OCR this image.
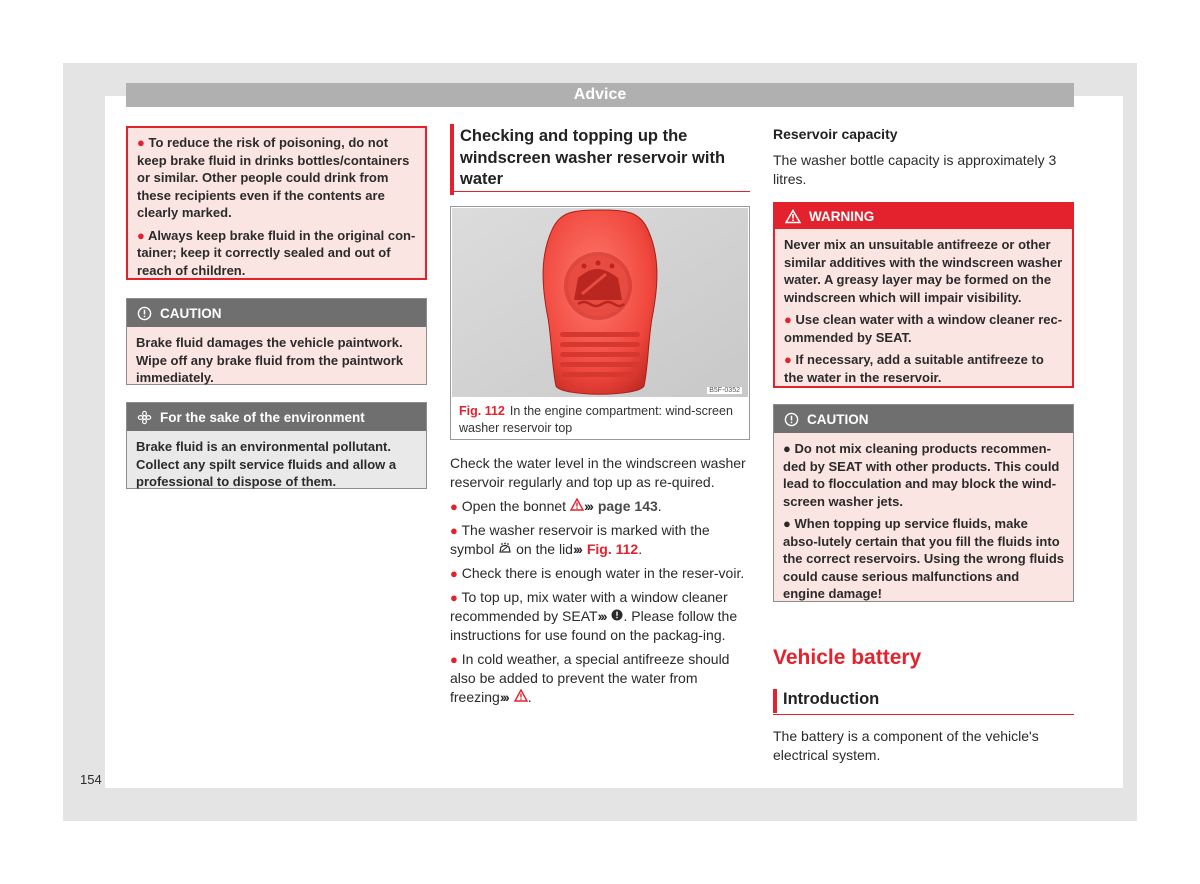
Advice

● To reduce the risk of poisoning, do not keep brake fluid in drinks bottles/containers or similar. Other people could drink from these recipients even if the contents are clearly marked.

● Always keep brake fluid in the original con-tainer; keep it correctly sealed and out of reach of children.

CAUTION
Brake fluid damages the vehicle paintwork. Wipe off any brake fluid from the paintwork immediately.
For the sake of the environment
Brake fluid is an environmental pollutant. Collect any spilt service fluids and allow a professional to dispose of them.
Checking and topping up the windscreen washer reservoir with water
B5F-0352
Fig. 112 In the engine compartment: wind-screen washer reservoir top

Check the water level in the windscreen washer reservoir regularly and top up as re-quired.

● Open the bonnet ››› page 143.

● The washer reservoir is marked with the symbol on the lid››› Fig. 112.

● Check there is enough water in the reser-voir.

● To top up, mix water with a window cleaner recommended by SEAT››› . Please follow the instructions for use found on the packag-ing.

● In cold weather, a special antifreeze should also be added to prevent the water from freezing››› .

Reservoir capacity
The washer bottle capacity is approximately 3 litres.
WARNING

Never mix an unsuitable antifreeze or other similar additives with the windscreen washer water. A greasy layer may be formed on the windscreen which will impair visibility.

● Use clean water with a window cleaner rec-ommended by SEAT.

● If necessary, add a suitable antifreeze to the water in the reservoir.

CAUTION

● Do not mix cleaning products recommen-ded by SEAT with other products. This could lead to flocculation and may block the wind-screen washer jets.

● When topping up service fluids, make abso-lutely certain that you fill the fluids into the correct reservoirs. Using the wrong fluids could cause serious malfunctions and engine damage!

Vehicle battery
Introduction
The battery is a component of the vehicle's electrical system.
154
